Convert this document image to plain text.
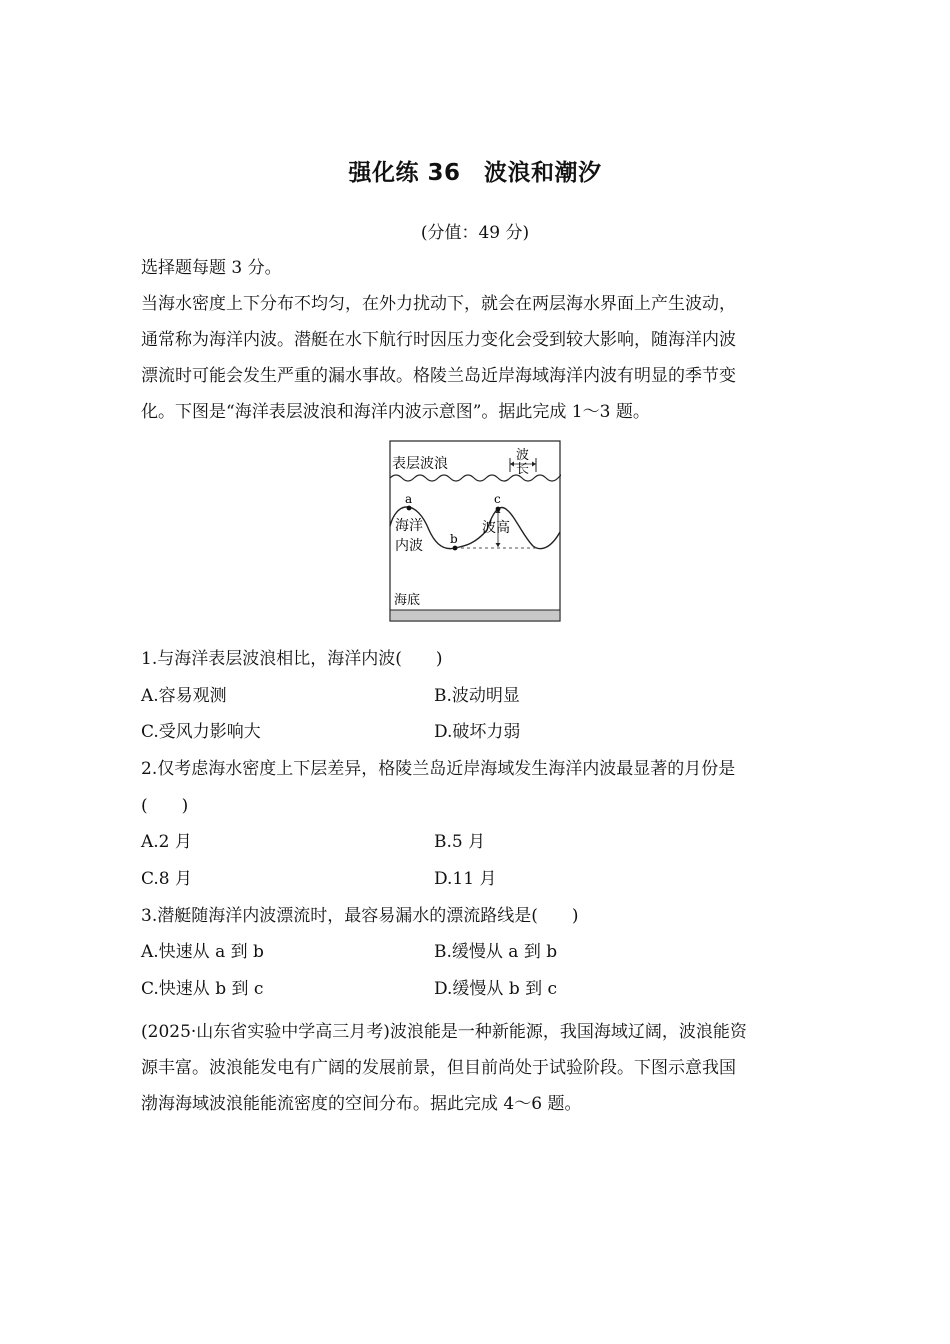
强化练 36　波浪和潮汐
(分值：49 分)
选择题每题 3 分。
当海水密度上下分布不均匀，在外力扰动下，就会在两层海水界面上产生波动，
通常称为海洋内波。潜艇在水下航行时因压力变化会受到较大影响，随海洋内波
漂流时可能会发生严重的漏水事故。格陵兰岛近岸海域海洋内波有明显的季节变
化。下图是“海洋表层波浪和海洋内波示意图”。据此完成 1～3 题。
表层波浪
波
长
a
b
c
海洋
内波
波高
海底
1.与海洋表层波浪相比，海洋内波(　　)
A.容易观测	B.波动明显
C.受风力影响大	D.破坏力弱
2.仅考虑海水密度上下层差异，格陵兰岛近岸海域发生海洋内波最显著的月份是
(　　)
A.2 月	B.5 月
C.8 月	D.11 月
3.潜艇随海洋内波漂流时，最容易漏水的漂流路线是(　　)
A.快速从 a 到 b	B.缓慢从 a 到 b
C.快速从 b 到 c	D.缓慢从 b 到 c
(2025·山东省实验中学高三月考)波浪能是一种新能源，我国海域辽阔，波浪能资
源丰富。波浪能发电有广阔的发展前景，但目前尚处于试验阶段。下图示意我国
渤海海域波浪能能流密度的空间分布。据此完成 4～6 题。
